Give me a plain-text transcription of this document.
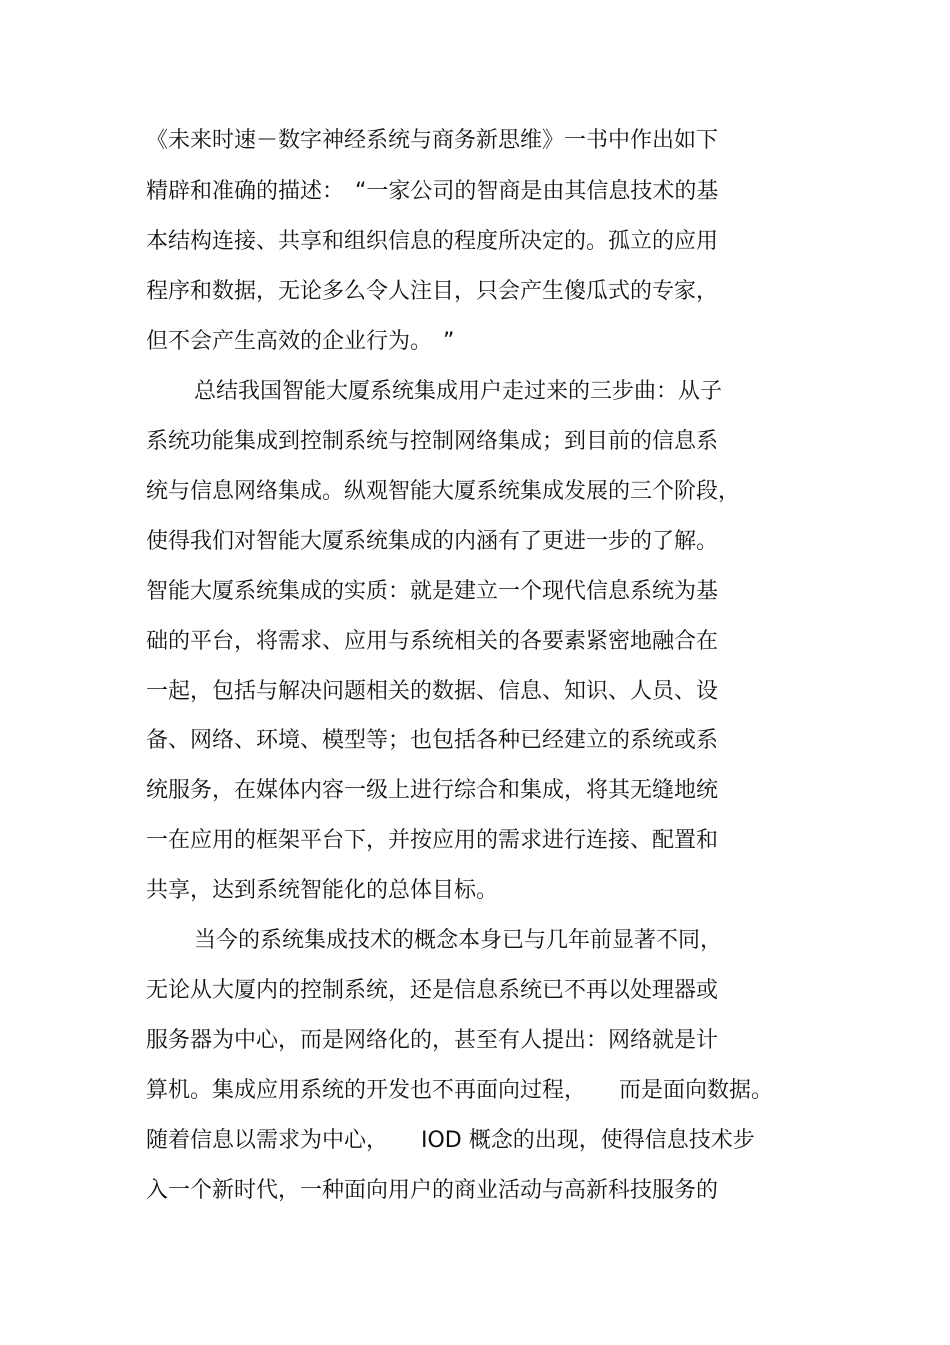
《未来时速－数字神经系统与商务新思维》一书中作出如下
精辟和准确的描述：　“一家公司的智商是由其信息技术的基
本结构连接、共享和组织信息的程度所决定的。孤立的应用
程序和数据，无论多么令人注目，只会产生傻瓜式的专家，
但不会产生高效的企业行为。　”
总结我国智能大厦系统集成用户走过来的三步曲：从子
系统功能集成到控制系统与控制网络集成；到目前的信息系
统与信息网络集成。纵观智能大厦系统集成发展的三个阶段，
使得我们对智能大厦系统集成的内涵有了更进一步的了解。
智能大厦系统集成的实质：就是建立一个现代信息系统为基
础的平台，将需求、应用与系统相关的各要素紧密地融合在
一起，包括与解决问题相关的数据、信息、知识、人员、设
备、网络、环境、模型等；也包括各种已经建立的系统或系
统服务，在媒体内容一级上进行综合和集成，将其无缝地统
一在应用的框架平台下，并按应用的需求进行连接、配置和
共享，达到系统智能化的总体目标。
当今的系统集成技术的概念本身已与几年前显著不同，
无论从大厦内的控制系统，还是信息系统已不再以处理器或
服务器为中心，而是网络化的，甚至有人提出：网络就是计
算机。集成应用系统的开发也不再面向过程，　　而是面向数据。
随着信息以需求为中心，　　IOD 概念的出现，使得信息技术步
入一个新时代，一种面向用户的商业活动与高新科技服务的
